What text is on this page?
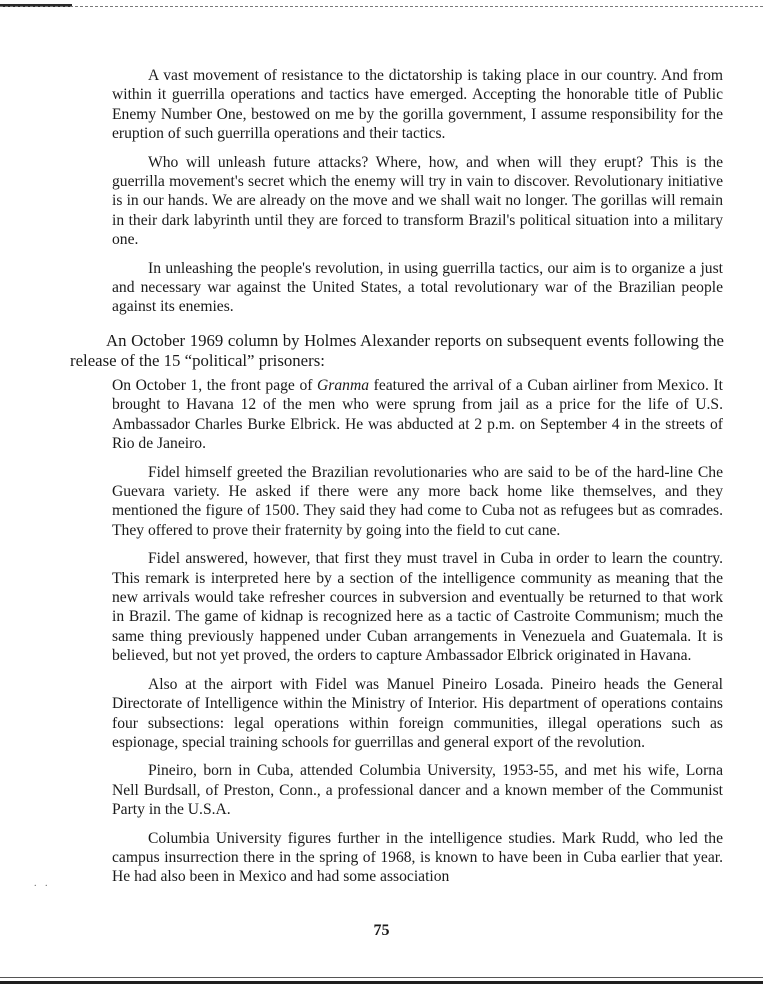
A vast movement of resistance to the dictatorship is taking place in our country. And from within it guerrilla operations and tactics have emerged. Accepting the honorable title of Public Enemy Number One, bestowed on me by the gorilla government, I assume responsibility for the eruption of such guerrilla operations and their tactics.

Who will unleash future attacks? Where, how, and when will they erupt? This is the guerrilla movement's secret which the enemy will try in vain to discover. Revolutionary initiative is in our hands. We are already on the move and we shall wait no longer. The gorillas will remain in their dark labyrinth until they are forced to transform Brazil's political situation into a military one.

In unleashing the people's revolution, in using guerrilla tactics, our aim is to organize a just and necessary war against the United States, a total revolutionary war of the Brazilian people against its enemies.

An October 1969 column by Holmes Alexander reports on subsequent events following the release of the 15 “political” prisoners:

On October 1, the front page of Granma featured the arrival of a Cuban airliner from Mexico. It brought to Havana 12 of the men who were sprung from jail as a price for the life of U.S. Ambassador Charles Burke Elbrick. He was abducted at 2 p.m. on September 4 in the streets of Rio de Janeiro.

Fidel himself greeted the Brazilian revolutionaries who are said to be of the hard-line Che Guevara variety. He asked if there were any more back home like themselves, and they mentioned the figure of 1500. They said they had come to Cuba not as refugees but as comrades. They offered to prove their fraternity by going into the field to cut cane.

Fidel answered, however, that first they must travel in Cuba in order to learn the country. This remark is interpreted here by a section of the intelligence community as meaning that the new arrivals would take refresher cources in subversion and eventually be returned to that work in Brazil. The game of kidnap is recognized here as a tactic of Castroite Communism; much the same thing previously happened under Cuban arrangements in Venezuela and Guatemala. It is believed, but not yet proved, the orders to capture Ambassador Elbrick originated in Havana.

Also at the airport with Fidel was Manuel Pineiro Losada. Pineiro heads the General Directorate of Intelligence within the Ministry of Interior. His department of operations contains four subsections: legal operations within foreign communities, illegal operations such as espionage, special training schools for guerrillas and general export of the revolution.

Pineiro, born in Cuba, attended Columbia University, 1953-55, and met his wife, Lorna Nell Burdsall, of Preston, Conn., a professional dancer and a known member of the Communist Party in the U.S.A.

Columbia University figures further in the intelligence studies. Mark Rudd, who led the campus insurrection there in the spring of 1968, is known to have been in Cuba earlier that year. He had also been in Mexico and had some association

. .
75
